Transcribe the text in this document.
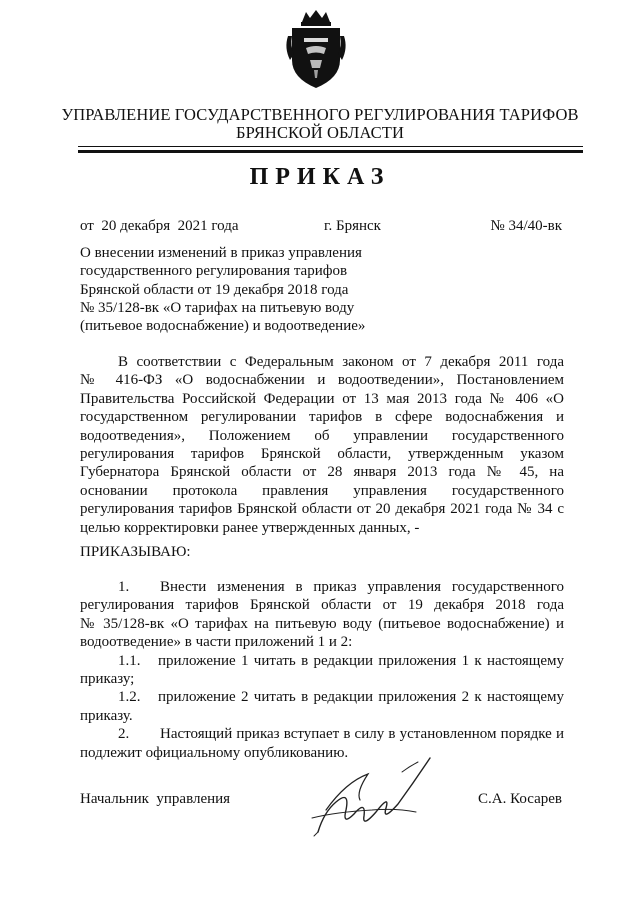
УПРАВЛЕНИЕ ГОСУДАРСТВЕННОГО РЕГУЛИРОВАНИЯ ТАРИФОВ
БРЯНСКОЙ ОБЛАСТИ
ПРИКАЗ
от  20 декабря  2021 года	г. Брянск	№ 34/40-вк
О внесении изменений в приказ управления
государственного регулирования тарифов
Брянской области от 19 декабря 2018 года
№ 35/128-вк «О тарифах на питьевую воду
(питьевое водоснабжение) и водоотведение»
В соответствии с Федеральным законом от 7 декабря 2011 года
№ 416-ФЗ «О водоснабжении и водоотведении», Постановлением
Правительства Российской Федерации от 13 мая 2013 года № 406 «О
государственном регулировании тарифов в сфере водоснабжения и
водоотведения», Положением об управлении государственного
регулирования тарифов Брянской области, утвержденным указом
Губернатора Брянской области от 28 января 2013 года № 45, на
основании протокола правления управления государственного
регулирования тарифов Брянской области от 20 декабря 2021 года № 34 с
целью корректировки ранее утвержденных данных, -
ПРИКАЗЫВАЮ:
1.	Внести изменения в приказ управления государственного
регулирования тарифов Брянской области от 19 декабря 2018 года
№ 35/128-вк «О тарифах на питьевую воду (питьевое водоснабжение) и
водоотведение» в части приложений 1 и 2:
1.1.	приложение 1 читать в редакции приложения 1 к настоящему
приказу;
1.2.	приложение 2 читать в редакции приложения 2 к настоящему
приказу.
2.	Настоящий приказ вступает в силу в установленном порядке и
подлежит официальному опубликованию.
Начальник  управления	С.А. Косарев
